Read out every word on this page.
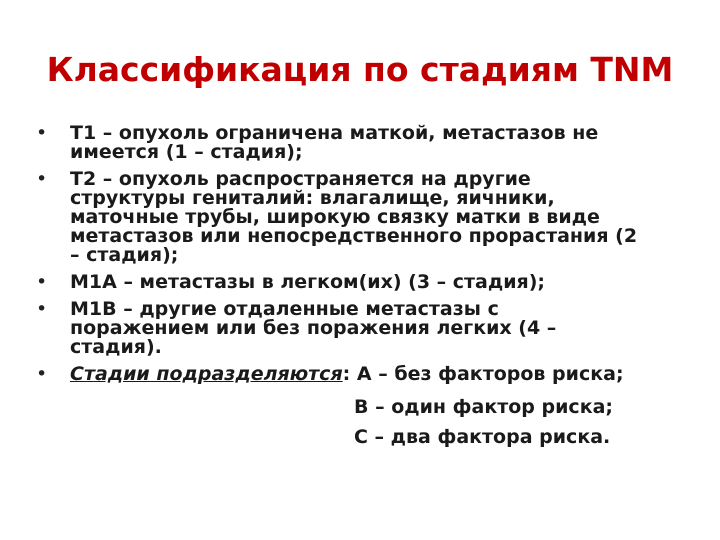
Классификация по стадиям TNM
•	T1 – опухоль ограничена маткой, метастазов не
имеется (1 – стадия);
•	T2 – опухоль распространяется на другие
структуры гениталий: влагалище, яичники,
маточные трубы, широкую связку матки в виде
метастазов или непосредственного прорастания (2
– стадия);
•	M1A – метастазы в легком(их) (3 – стадия);
•	M1B – другие отдаленные метастазы с
поражением или без поражения легких (4 –
стадия).
•	Стадии подразделяются: A – без факторов риска;
B – один фактор риска;
C – два фактора риска.
